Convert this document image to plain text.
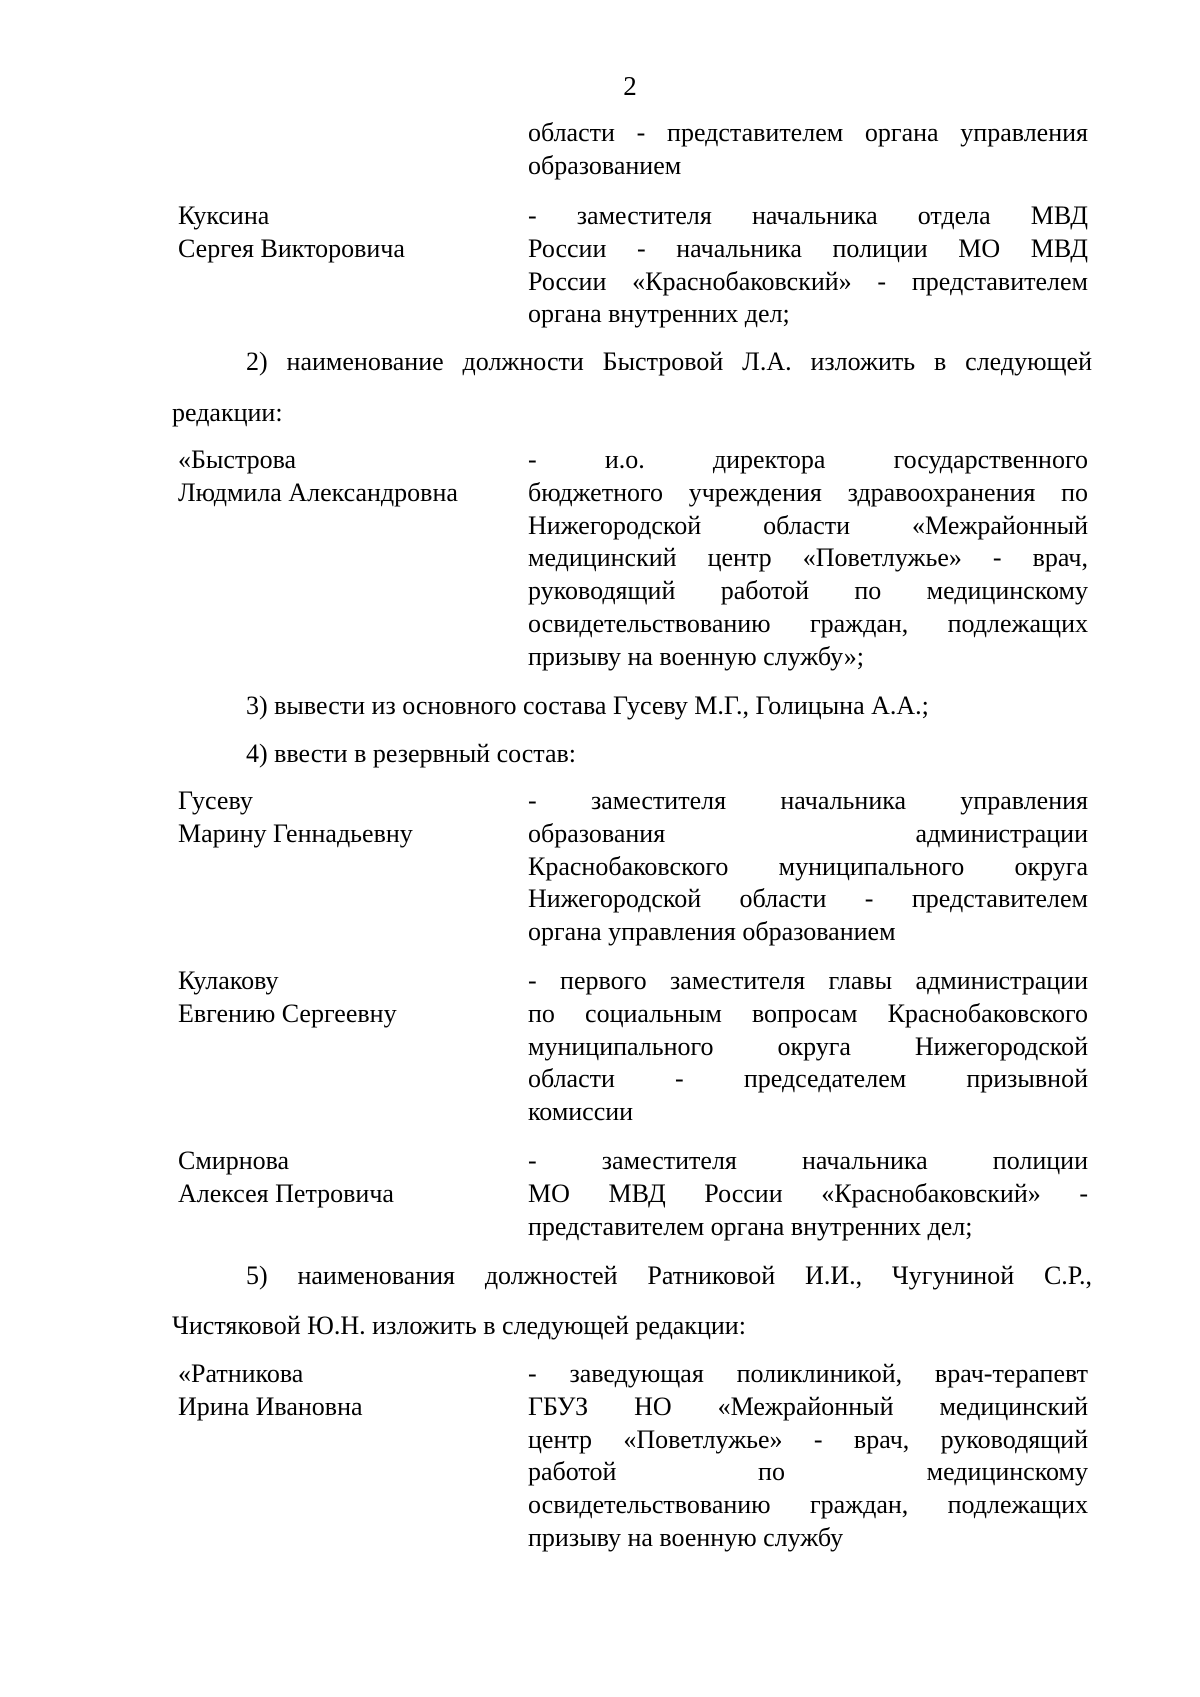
2
области - представителем органа управления
образованием
Куксина
Сергея Викторовича
- заместителя начальника отдела МВД
России - начальника полиции МО МВД
России «Краснобаковский» - представителем
органа внутренних дел;
2) наименование должности Быстровой Л.А. изложить в следующей
редакции:
«Быстрова
Людмила Александровна
- и.о. директора государственного
бюджетного учреждения здравоохранения по
Нижегородской области «Межрайонный
медицинский центр «Поветлужье» - врач,
руководящий работой по медицинскому
освидетельствованию граждан, подлежащих
призыву на военную службу»;
3) вывести из основного состава Гусеву М.Г., Голицына А.А.;
4) ввести в резервный состав:
Гусеву
Марину Геннадьевну
- заместителя начальника управления
образования администрации
Краснобаковского муниципального округа
Нижегородской области - представителем
органа управления образованием
Кулакову
Евгению Сергеевну
- первого заместителя главы администрации
по социальным вопросам Краснобаковского
муниципального округа Нижегородской
области - председателем призывной
комиссии
Смирнова
Алексея Петровича
- заместителя начальника полиции
МО МВД России «Краснобаковский» -
представителем органа внутренних дел;
5) наименования должностей Ратниковой И.И., Чугуниной С.Р.,
Чистяковой Ю.Н. изложить в следующей редакции:
«Ратникова
Ирина Ивановна
- заведующая поликлиникой, врач-терапевт
ГБУЗ НО «Межрайонный медицинский
центр «Поветлужье» - врач, руководящий
работой по медицинскому
освидетельствованию граждан, подлежащих
призыву на военную службу
